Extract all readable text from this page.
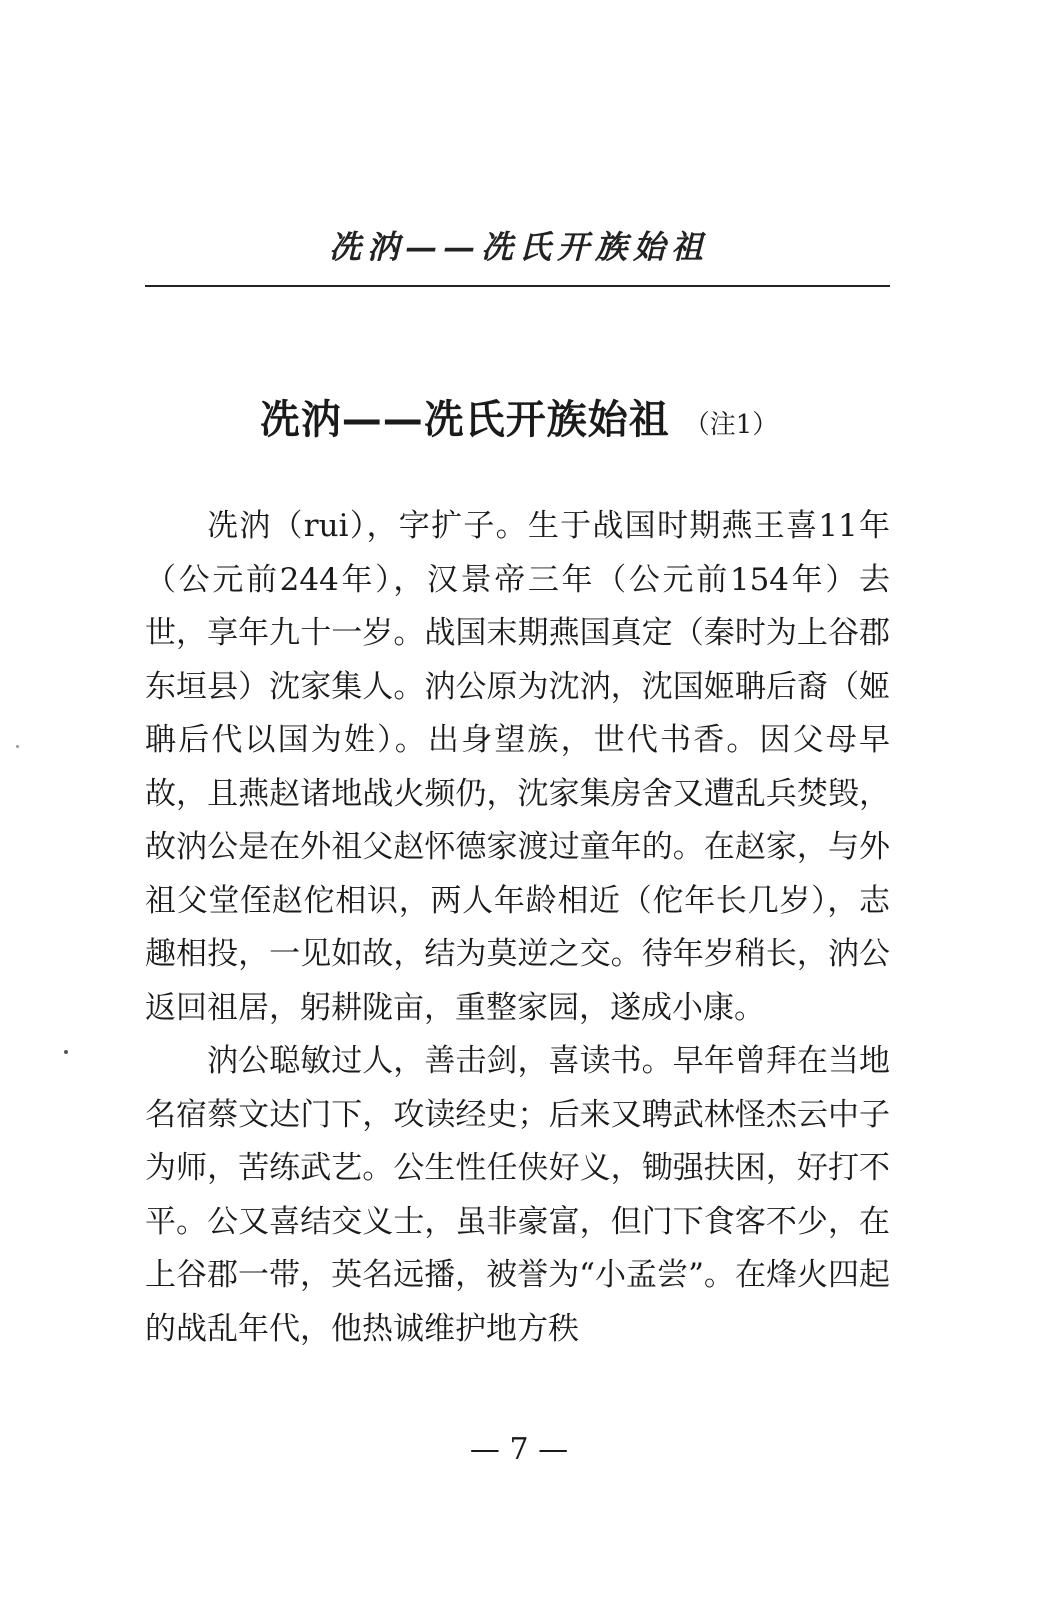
冼汭——冼氏开族始祖
冼汭——冼氏开族始祖 （注1）

冼汭（rui），字扩子。生于战国时期燕王喜11年（公元前244年），汉景帝三年（公元前154年）去世，享年九十一岁。战国末期燕国真定（秦时为上谷郡东垣县）沈家集人。汭公原为沈汭，沈国姬聃后裔（姬聃后代以国为姓）。出身望族，世代书香。因父母早故，且燕赵诸地战火频仍，沈家集房舍又遭乱兵焚毁，故汭公是在外祖父赵怀德家渡过童年的。在赵家，与外祖父堂侄赵佗相识，两人年龄相近（佗年长几岁），志趣相投，一见如故，结为莫逆之交。待年岁稍长，汭公返回祖居，躬耕陇亩，重整家园，遂成小康。

汭公聪敏过人，善击剑，喜读书。早年曾拜在当地名宿蔡文达门下，攻读经史；后来又聘武林怪杰云中子为师，苦练武艺。公生性任侠好义，锄强扶困，好打不平。公又喜结交义士，虽非豪富，但门下食客不少，在上谷郡一带，英名远播，被誉为“小孟尝”。在烽火四起的战乱年代，他热诚维护地方秩

— 7 —
